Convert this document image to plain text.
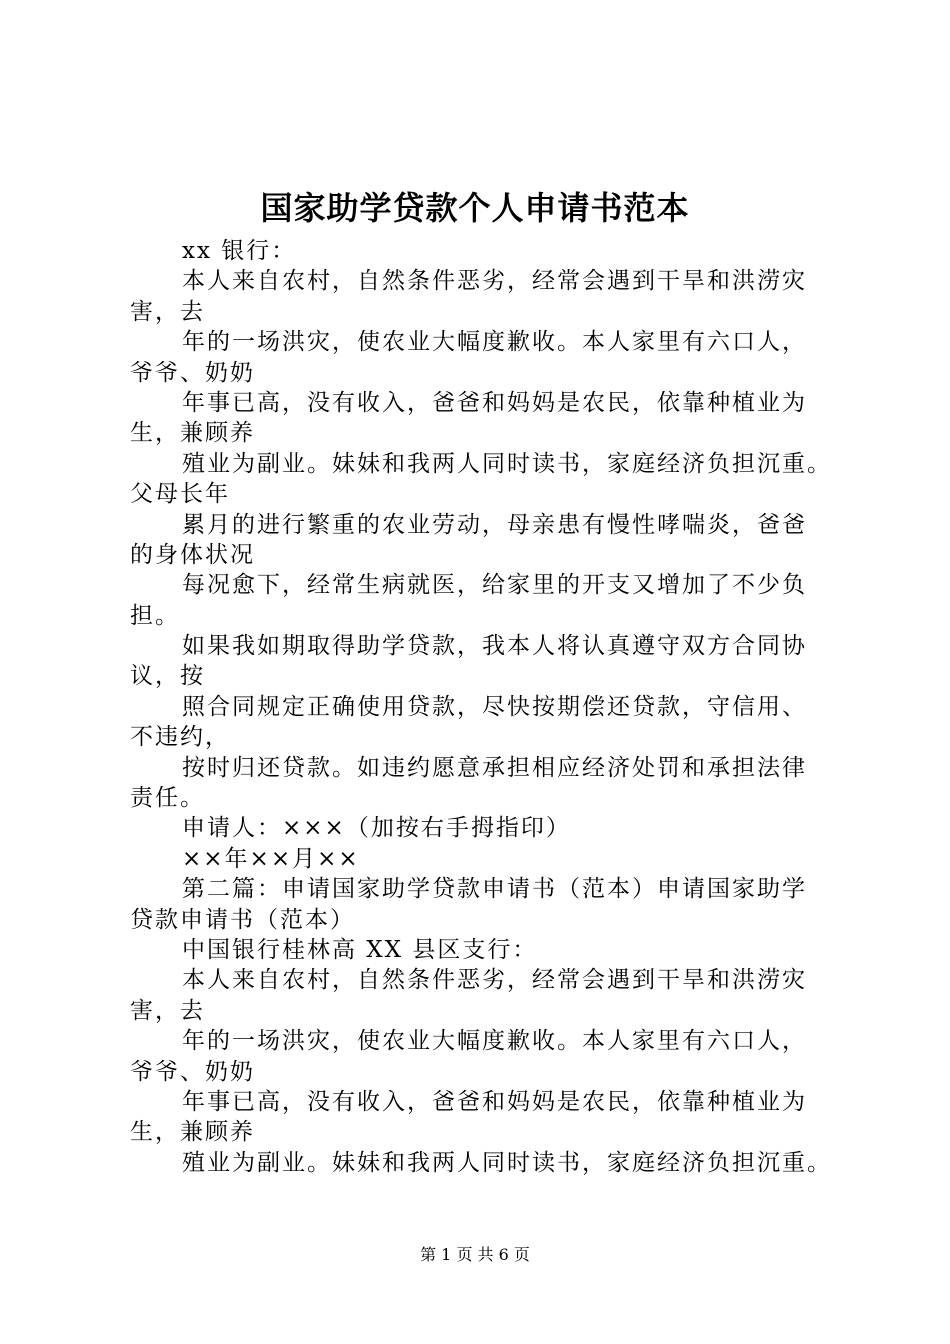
国家助学贷款个人申请书范本
xx 银行：
本人来自农村，自然条件恶劣，经常会遇到干旱和洪涝灾
害，去
年的一场洪灾，使农业大幅度歉收。本人家里有六口人，
爷爷、奶奶
年事已高，没有收入，爸爸和妈妈是农民，依靠种植业为
生，兼顾养
殖业为副业。妹妹和我两人同时读书，家庭经济负担沉重。
父母长年
累月的进行繁重的农业劳动，母亲患有慢性哮喘炎，爸爸
的身体状况
每况愈下，经常生病就医，给家里的开支又增加了不少负
担。
如果我如期取得助学贷款，我本人将认真遵守双方合同协
议，按
照合同规定正确使用贷款，尽快按期偿还贷款，守信用、
不违约，
按时归还贷款。如违约愿意承担相应经济处罚和承担法律
责任。
申请人：×××（加按右手拇指印）
××年××月××
第二篇：申请国家助学贷款申请书（范本）申请国家助学
贷款申请书（范本）
中国银行桂林高 XX 县区支行：
本人来自农村，自然条件恶劣，经常会遇到干旱和洪涝灾
害，去
年的一场洪灾，使农业大幅度歉收。本人家里有六口人，
爷爷、奶奶
年事已高，没有收入，爸爸和妈妈是农民，依靠种植业为
生，兼顾养
殖业为副业。妹妹和我两人同时读书，家庭经济负担沉重。
第 1 页 共 6 页
